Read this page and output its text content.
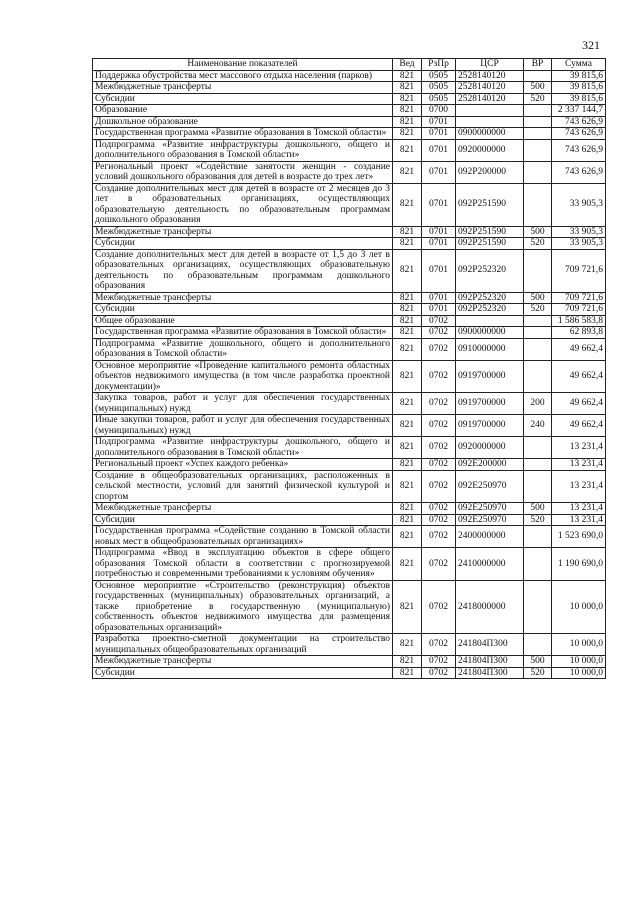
321
Наименование показателей	Вед	РзПр	ЦСР	ВР	Сумма
Поддержка обустройства мест массового отдыха населения (парков)	821	0505	2528140120		39 815,6
Межбюджетные трансферты	821	0505	2528140120	500	39 815,6
Субсидии	821	0505	2528140120	520	39 815,6
Образование	821	0700			2 337 144,7
Дошкольное образование	821	0701			743 626,9
Государственная программа «Развитие образования в Томской области»	821	0701	0900000000		743 626,9
Подпрограмма «Развитие инфраструктуры дошкольного, общего и дополнительного образования в Томской области»	821	0701	0920000000		743 626,9
Региональный проект «Содействие занятости женщин - создание условий дошкольного образования для детей в возрасте до трех лет»	821	0701	092P200000		743 626,9
Создание дополнительных мест для детей в возрасте от 2 месяцев до 3 лет в образовательных организациях, осуществляющих образовательную деятельность по образовательным программам дошкольного образования	821	0701	092P251590		33 905,3
Межбюджетные трансферты	821	0701	092P251590	500	33 905,3
Субсидии	821	0701	092P251590	520	33 905,3
Создание дополнительных мест для детей в возрасте от 1,5 до 3 лет в образовательных организациях, осуществляющих образовательную деятельность по образовательным программам дошкольного образования	821	0701	092P252320		709 721,6
Межбюджетные трансферты	821	0701	092P252320	500	709 721,6
Субсидии	821	0701	092P252320	520	709 721,6
Общее образование	821	0702			1 586 583,8
Государственная программа «Развитие образования в Томской области»	821	0702	0900000000		62 893,8
Подпрограмма «Развитие дошкольного, общего и дополнительного образования в Томской области»	821	0702	0910000000		49 662,4
Основное мероприятие «Проведение капитального ремонта областных объектов недвижимого имущества (в том числе разработка проектной документации)»	821	0702	0919700000		49 662,4
Закупка товаров, работ и услуг для обеспечения государственных (муниципальных) нужд	821	0702	0919700000	200	49 662,4
Иные закупки товаров, работ и услуг для обеспечения государственных (муниципальных) нужд	821	0702	0919700000	240	49 662,4
Подпрограмма «Развитие инфраструктуры дошкольного, общего и дополнительного образования в Томской области»	821	0702	0920000000		13 231,4
Региональный проект «Успех каждого ребенка»	821	0702	092E200000		13 231,4
Создание в общеобразовательных организациях, расположенных в сельской местности, условий для занятий физической культурой и спортом	821	0702	092E250970		13 231,4
Межбюджетные трансферты	821	0702	092E250970	500	13 231,4
Субсидии	821	0702	092E250970	520	13 231,4
Государственная программа «Содействие созданию в Томской области новых мест в общеобразовательных организациях»	821	0702	2400000000		1 523 690,0
Подпрограмма «Ввод в эксплуатацию объектов в сфере общего образования Томской области в соответствии с прогнозируемой потребностью и современными требованиями к условиям обучения»	821	0702	2410000000		1 190 690,0
Основное мероприятие «Строительство (реконструкция) объектов государственных (муниципальных) образовательных организаций, а также приобретение в государственную (муниципальную) собственность объектов недвижимого имущества для размещения образовательных организаций»	821	0702	2418000000		10 000,0
Разработка проектно-сметной документации на строительство муниципальных общеобразовательных организаций	821	0702	241804П300		10 000,0
Межбюджетные трансферты	821	0702	241804П300	500	10 000,0
Субсидии	821	0702	241804П300	520	10 000,0
